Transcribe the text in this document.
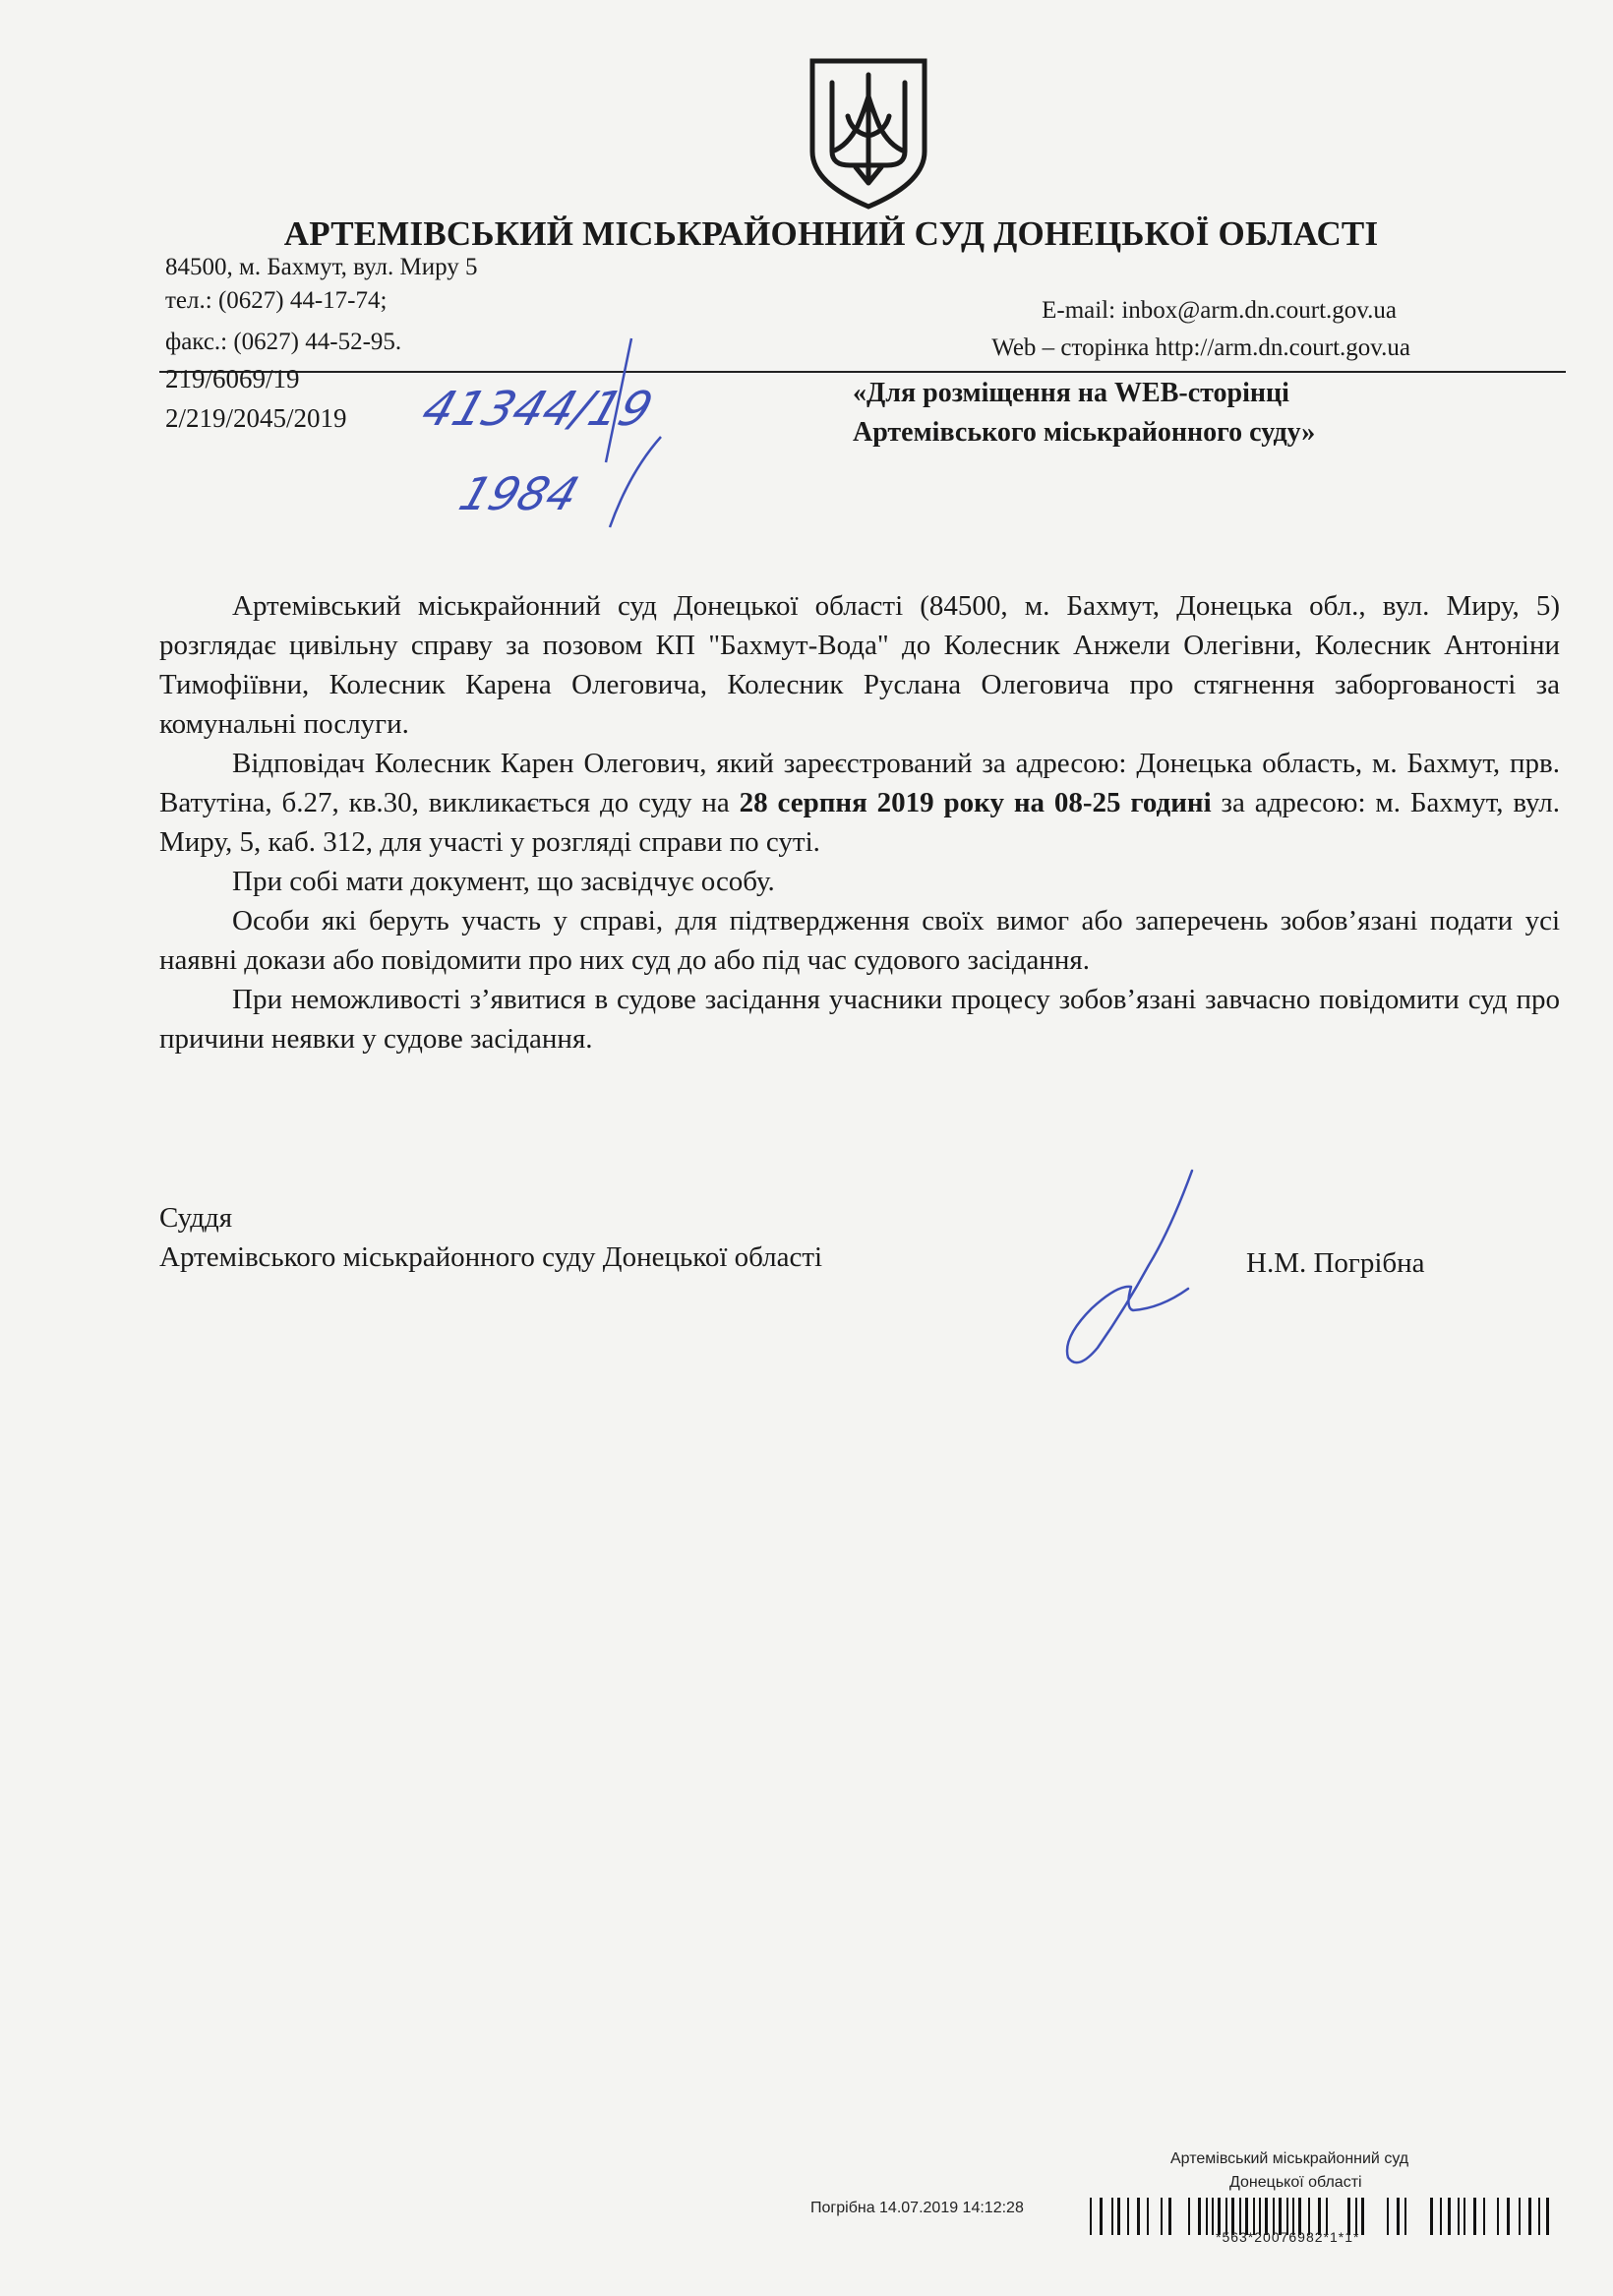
АРТЕМІВСЬКИЙ МІСЬКРАЙОННИЙ СУД ДОНЕЦЬКОЇ ОБЛАСТІ
84500, м. Бахмут, вул. Миру 5
тел.: (0627) 44-17-74;
факс.: (0627) 44-52-95.
E-mail: inbox@arm.dn.court.gov.ua
Web – сторінка http://arm.dn.court.gov.ua
219/6069/19
2/219/2045/2019 41344/19
1984
«Для розміщення на WEB-сторінці
Артемівського міськрайонного суду»

Артемівський міськрайонний суд Донецької області (84500, м. Бахмут, Донецька обл., вул. Миру, 5) розглядає цивільну справу за позовом КП "Бахмут-Вода" до Колесник Анжели Олегівни, Колесник Антоніни Тимофіївни, Колесник Карена Олеговича, Колесник Руслана Олеговича про стягнення заборгованості за комунальні послуги.

Відповідач Колесник Карен Олегович, який зареєстрований за адресою: Донецька область, м. Бахмут, прв. Ватутіна, б.27, кв.30, викликається до суду на 28 серпня 2019 року на 08-25 годині за адресою: м. Бахмут, вул. Миру, 5, каб. 312, для участі у розгляді справи по суті.

При собі мати документ, що засвідчує особу.

Особи які беруть участь у справі, для підтвердження своїх вимог або заперечень зобов’язані подати усі наявні докази або повідомити про них суд до або під час судового засідання.

При неможливості з’явитися в судове засідання учасники процесу зобов’язані завчасно повідомити суд про причини неявки у судове засідання.

Суддя
Артемівського міськрайонного суду Донецької області	Н.М. Погрібна
Артемівський міськрайонний суд
Донецької області
Погрібна 14.07.2019 14:12:28
*563*20076982*1*1*
